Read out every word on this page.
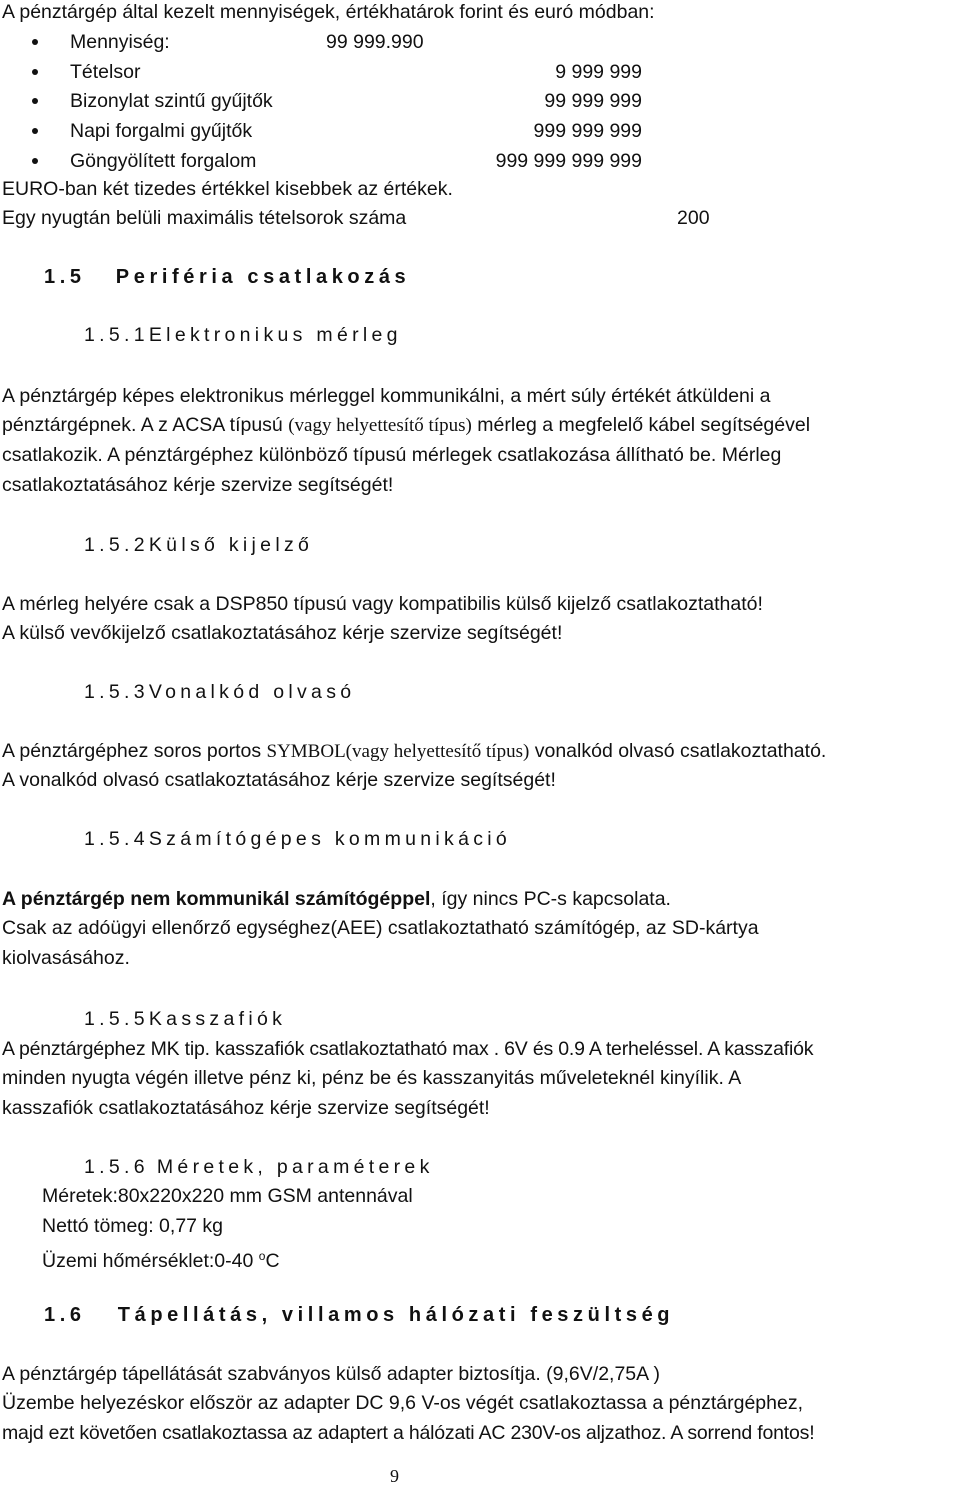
A pénztárgép által kezelt mennyiségek, értékhatárok forint és euró módban:
Mennyiség:	99 999.990
Tételsor	9 999 999
Bizonylat szintű gyűjtők	99 999 999
Napi forgalmi gyűjtők	999 999 999
Göngyölített forgalom	999 999 999 999
EURO-ban két tizedes értékkel kisebbek az értékek.
Egy nyugtán belüli maximális tételsorok száma	200
1.5 Periféria csatlakozás
1.5.1Elektronikus mérleg
A pénztárgép képes elektronikus mérleggel kommunikálni, a mért súly értékét átküldeni a
pénztárgépnek. A z ACSA típusú (vagy helyettesítő típus) mérleg a megfelelő kábel segítségével
csatlakozik. A pénztárgéphez különböző típusú mérlegek csatlakozása állítható be. Mérleg
csatlakoztatásához kérje szervize segítségét!
1.5.2Külső kijelző
A mérleg helyére csak a DSP850 típusú vagy kompatibilis külső kijelző csatlakoztatható!
A külső vevőkijelző csatlakoztatásához kérje szervize segítségét!
1.5.3Vonalkód olvasó
A pénztárgéphez soros portos SYMBOL(vagy helyettesítő típus) vonalkód olvasó csatlakoztatható.
A vonalkód olvasó csatlakoztatásához kérje szervize segítségét!
1.5.4Számítógépes kommunikáció
A pénztárgép nem kommunikál számítógéppel, így nincs PC-s kapcsolata.
Csak az adóügyi ellenőrző egységhez(AEE) csatlakoztatható számítógép, az SD-kártya
kiolvasásához.
1.5.5Kasszafiók
A pénztárgéphez MK tip. kasszafiók csatlakoztatható max . 6V és 0.9 A terheléssel. A kasszafiók
minden nyugta végén illetve pénz ki, pénz be és kasszanyitás műveleteknél kinyílik. A
kasszafiók csatlakoztatásához kérje szervize segítségét!
1.5.6 Méretek, paraméterek
Méretek:80x220x220 mm GSM antennával
Nettó tömeg: 0,77 kg
Üzemi hőmérséklet:0-40 $^o$C
1.6 Tápellátás, villamos hálózati feszültség
A pénztárgép tápellátását szabványos külső adapter biztosítja. (9,6V/2,75A )
Üzembe helyezéskor először az adapter DC 9,6 V-os végét csatlakoztassa a pénztárgéphez,
majd ezt követően csatlakoztassa az adaptert a hálózati AC 230V-os aljzathoz. A sorrend fontos!
9
